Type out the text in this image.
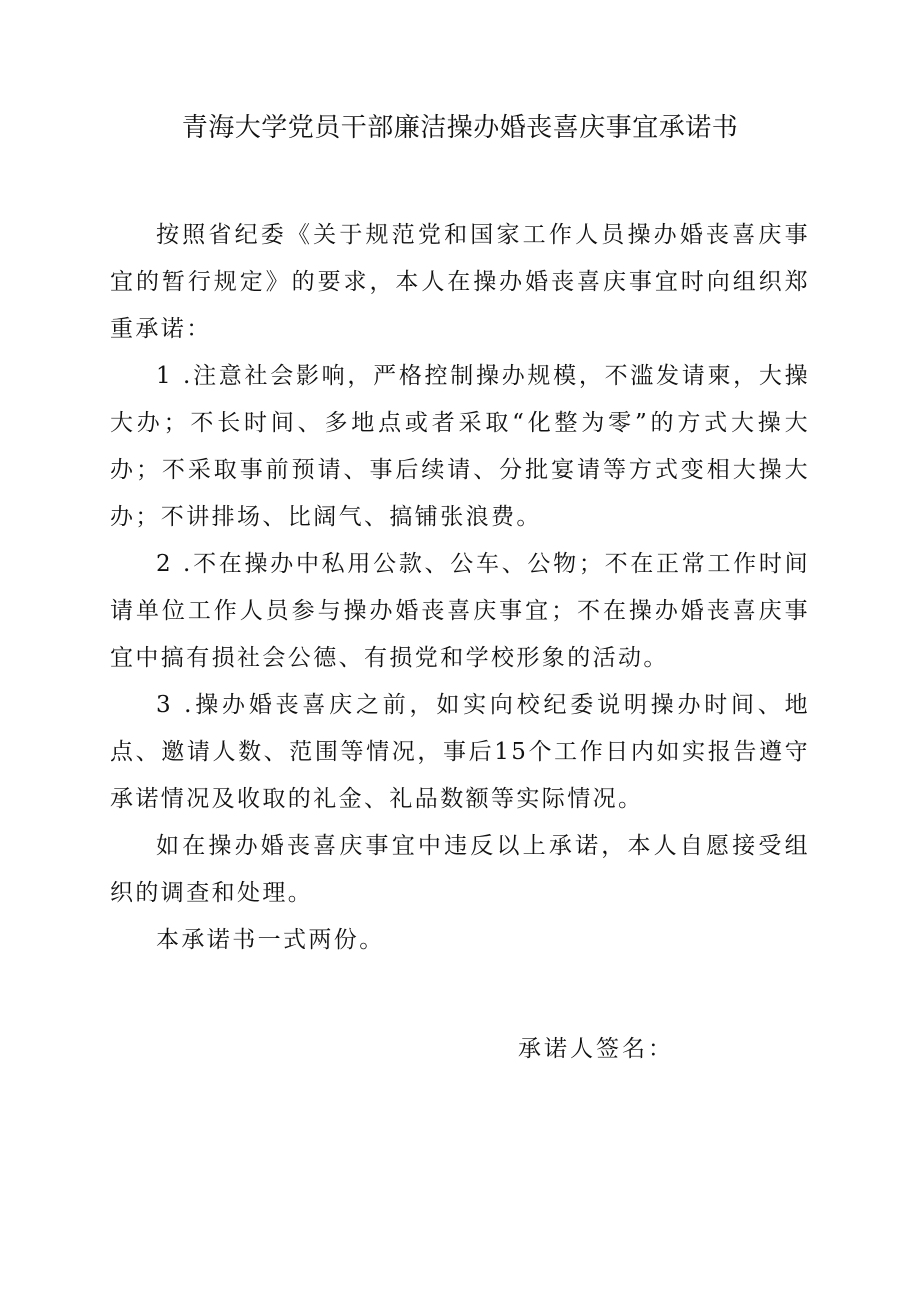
青海大学党员干部廉洁操办婚丧喜庆事宜承诺书

按照省纪委《关于规范党和国家工作人员操办婚丧喜庆事宜的暂行规定》的要求，本人在操办婚丧喜庆事宜时向组织郑重承诺：

1 .注意社会影响，严格控制操办规模，不滥发请柬，大操大办；不长时间、多地点或者采取“化整为零”的方式大操大办；不采取事前预请、事后续请、分批宴请等方式变相大操大办；不讲排场、比阔气、搞铺张浪费。

2 .不在操办中私用公款、公车、公物；不在正常工作时间请单位工作人员参与操办婚丧喜庆事宜；不在操办婚丧喜庆事宜中搞有损社会公德、有损党和学校形象的活动。

3 .操办婚丧喜庆之前，如实向校纪委说明操办时间、地点、邀请人数、范围等情况，事后15个工作日内如实报告遵守承诺情况及收取的礼金、礼品数额等实际情况。

如在操办婚丧喜庆事宜中违反以上承诺，本人自愿接受组织的调查和处理。

本承诺书一式两份。

承诺人签名：
